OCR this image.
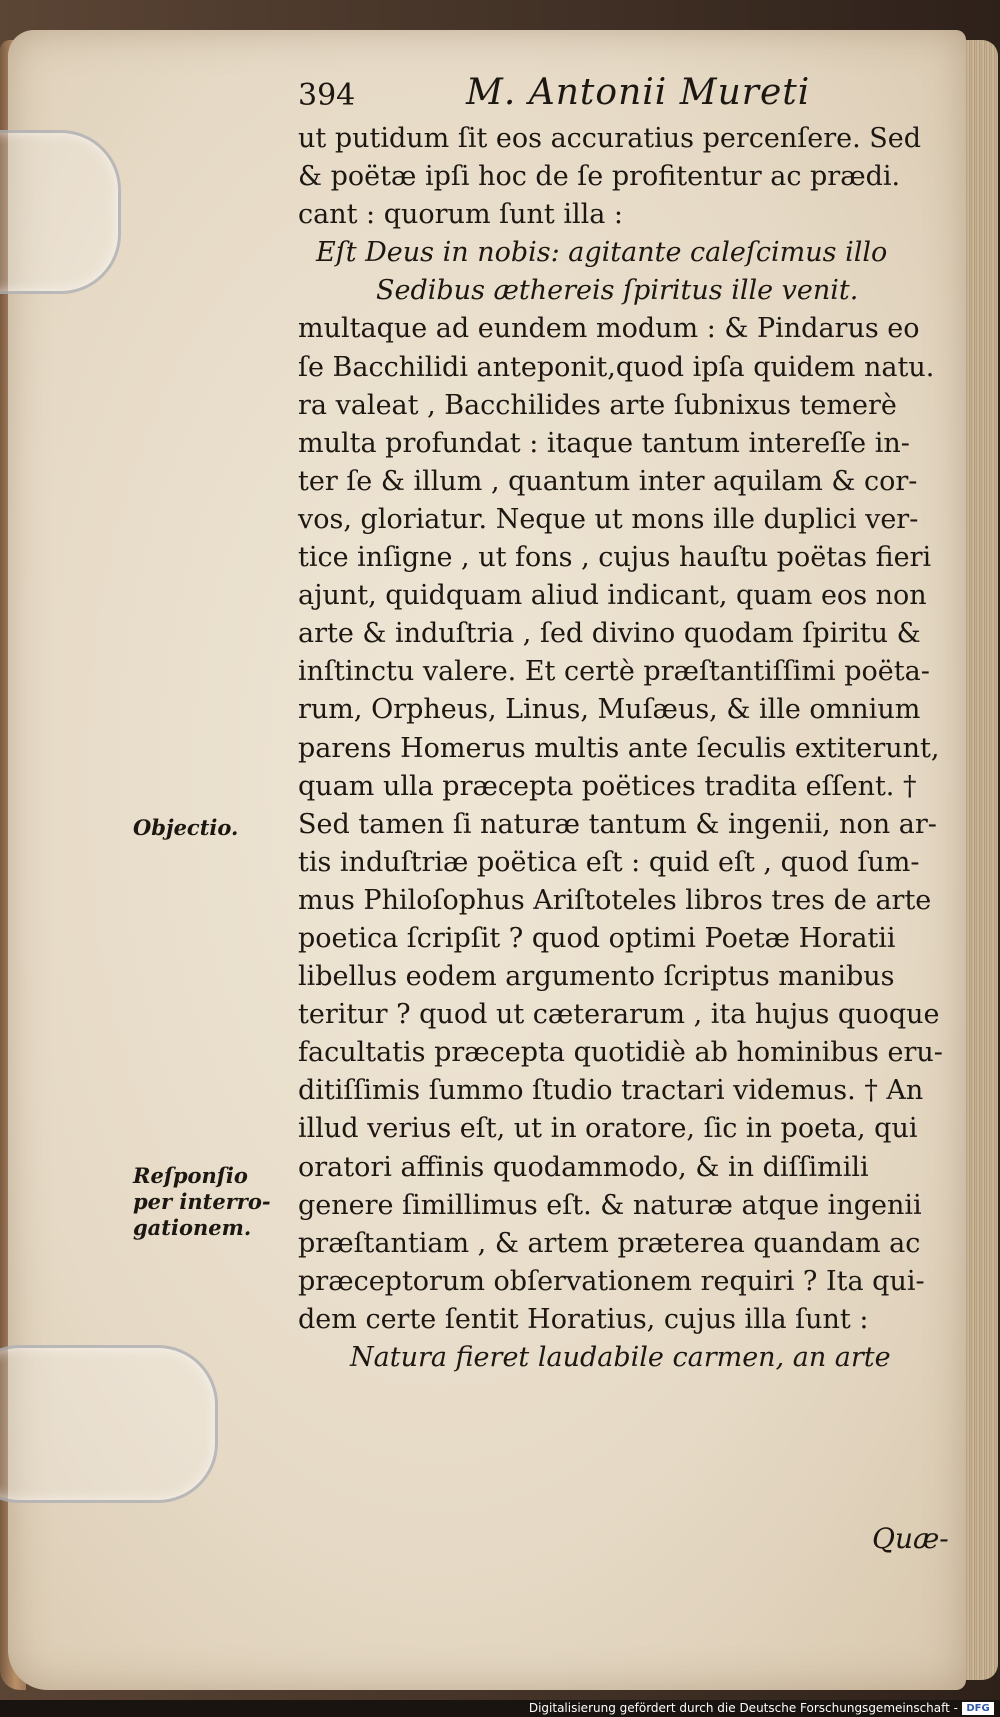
394	M. Antonii Mureti
ut putidum ſit eos accuratius percenſere. Sed
& poëtæ ipſi hoc de ſe profitentur ac prædi.
cant : quorum ſunt illa :
Eſt Deus in nobis: agitante caleſcimus illo
Sedibus æthereis ſpiritus ille venit.
multaque ad eundem modum : & Pindarus eo
ſe Bacchilidi anteponit,quod ipſa quidem natu.
ra valeat , Bacchilides arte ſubnixus temerè
multa profundat : itaque tantum intereſſe in-
ter ſe & illum , quantum inter aquilam & cor-
vos, gloriatur. Neque ut mons ille duplici ver-
tice inſigne , ut fons , cujus hauſtu poëtas fieri
ajunt, quidquam aliud indicant, quam eos non
arte & induſtria , ſed divino quodam ſpiritu &
inſtinctu valere. Et certè præſtantiſſimi poëta-
rum, Orpheus, Linus, Muſæus, & ille omnium
parens Homerus multis ante ſeculis extiterunt,
quam ulla præcepta poëtices tradita eſſent. †
Sed tamen ſi naturæ tantum & ingenii, non ar-
tis induſtriæ poëtica eſt : quid eſt , quod ſum-
mus Philoſophus Ariſtoteles libros tres de arte
poetica ſcripſit ? quod optimi Poetæ Horatii
libellus eodem argumento ſcriptus manibus
teritur ? quod ut cæterarum , ita hujus quoque
facultatis præcepta quotidiè ab hominibus eru-
ditiſſimis ſummo ſtudio tractari videmus. † An
illud verius eſt, ut in oratore, ſic in poeta, qui
oratori affinis quodammodo, & in diſſimili
genere ſimillimus eſt. & naturæ atque ingenii
præſtantiam , & artem præterea quandam ac
præceptorum obſervationem requiri ? Ita qui-
dem certe ſentit Horatius, cujus illa ſunt :
Natura fieret laudabile carmen, an arte
Objectio.
Reſponſio
per interro-
gationem.
Quæ-
Digitalisierung gefördert durch die Deutsche Forschungsgemeinschaft - DFG
